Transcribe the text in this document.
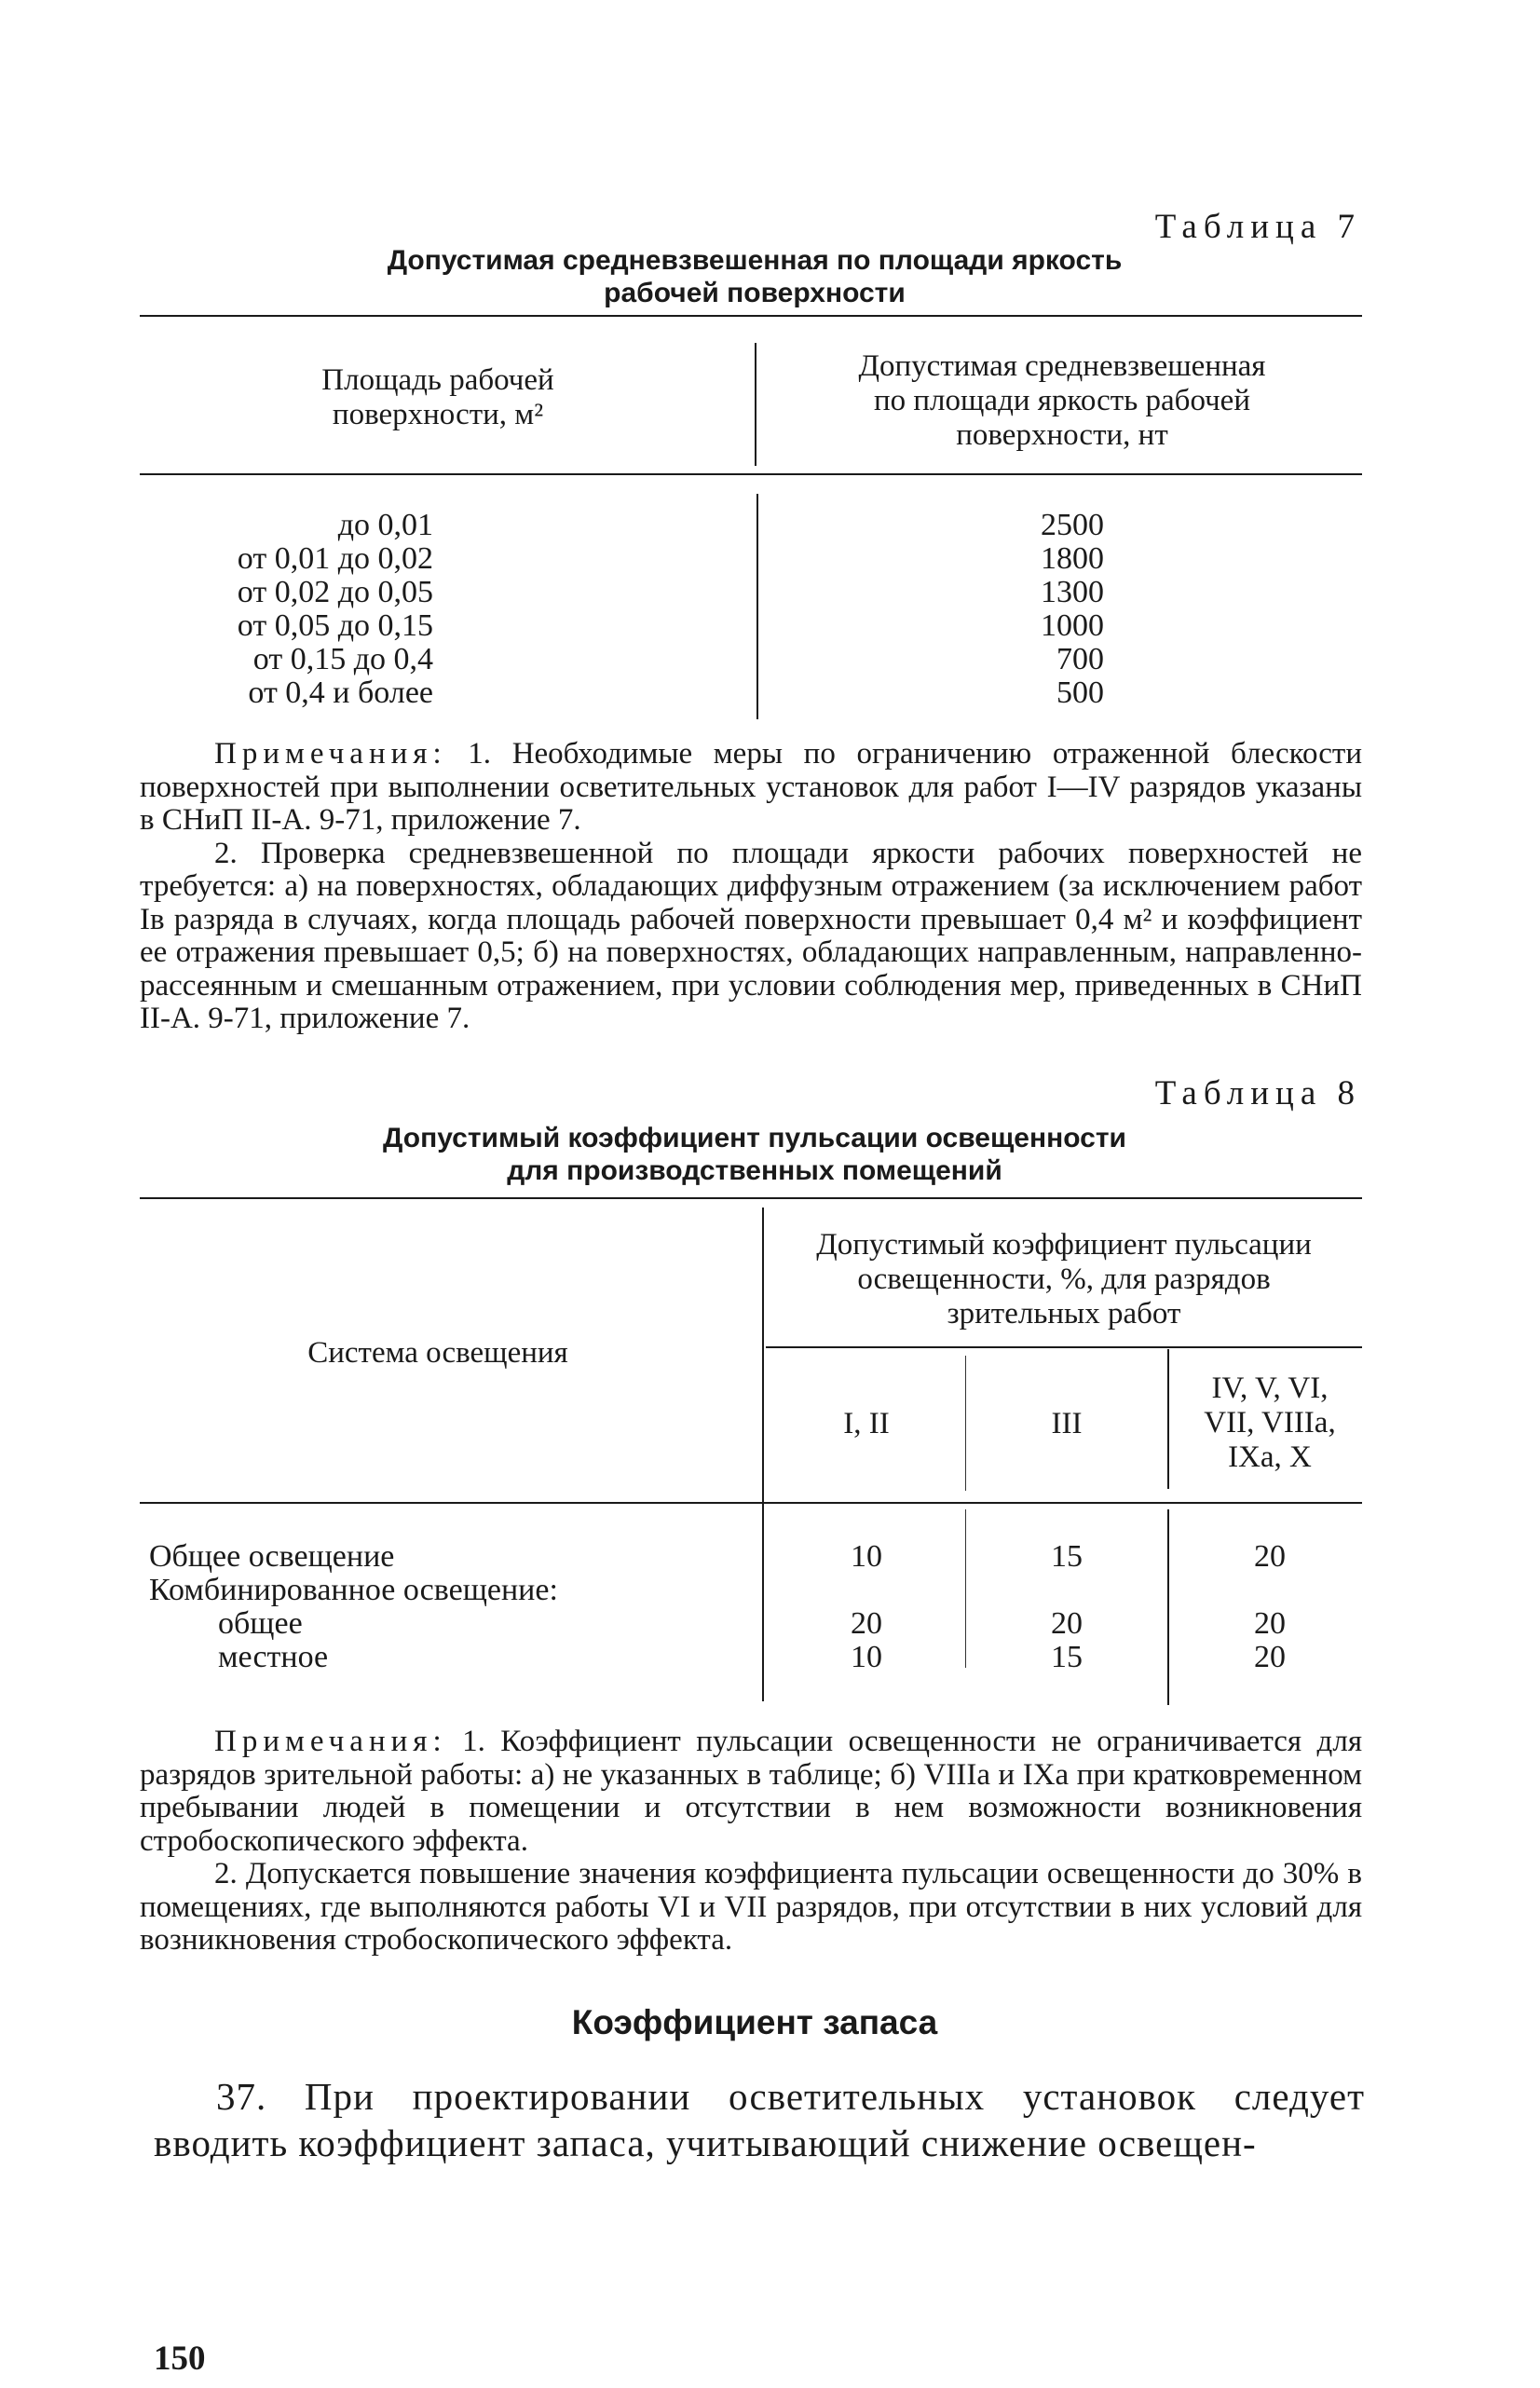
Таблица 7
Допустимая средневзвешенная по площади яркость
рабочей поверхности
Площадь рабочей
поверхности, м²
Допустимая средневзвешенная
по площади яркость рабочей
поверхности, нт
до 0,01
от 0,01 до 0,02
от 0,02 до 0,05
от 0,05 до 0,15
от 0,15 до 0,4
от 0,4 и более
2500
1800
1300
1000
700
500

Примечания: 1. Необходимые меры по ограничению отраженной блескости поверхностей при выполнении осветительных установок для работ I—IV разрядов указаны в СНиП II-А. 9-71, приложение 7.

2. Проверка средневзвешенной по площади яркости рабочих поверхностей не требуется: а) на поверхностях, обладающих диффузным отражением (за исключением работ Iв разряда в случаях, когда площадь рабочей поверхности превышает 0,4 м² и коэффициент ее отражения превышает 0,5; б) на поверхностях, обладающих направленным, направленно-рассеянным и смешанным отражением, при условии соблюдения мер, приведенных в СНиП II-А. 9-71, приложение 7.

Таблица 8
Допустимый коэффициент пульсации освещенности
для производственных помещений
Система освещения
Допустимый коэффициент пульсации
освещенности, %, для разрядов
зрительных работ
I, II	III
IV, V, VI,
VII, VIIIa,
IXa, X
Общее освещение
Комбинированное освещение:
общее
местное
10
20
10
15
20
15
20
20
20

Примечания: 1. Коэффициент пульсации освещенности не ограничивается для разрядов зрительной работы: а) не указанных в таблице; б) VIIIа и IXа при кратковременном пребывании людей в помещении и отсутствии в нем возможности возникновения стробоскопического эффекта.

2. Допускается повышение значения коэффициента пульсации освещенности до 30% в помещениях, где выполняются работы VI и VII разрядов, при отсутствии в них условий для возникновения стробоскопического эффекта.

Коэффициент запаса
37. При проектировании осветительных установок следует вводить коэффициент запаса, учитывающий снижение освещен-
150
